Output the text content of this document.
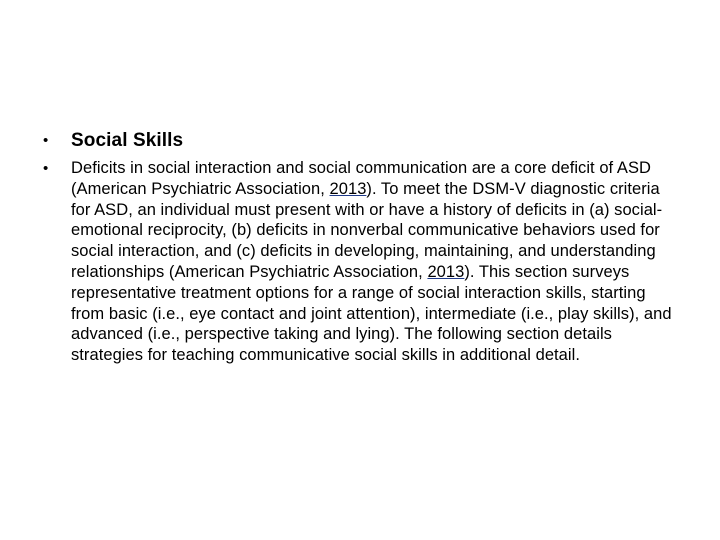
•	Social Skills
•	Deficits in social interaction and social communication are a core deficit of ASD (American Psychiatric Association, 2013). To meet the DSM-V diagnostic criteria for ASD, an individual must present with or have a history of deficits in (a) social-emotional reciprocity, (b) deficits in nonverbal communicative behaviors used for social interaction, and (c) deficits in developing, maintaining, and understanding relationships (American Psychiatric Association, 2013). This section surveys representative treatment options for a range of social interaction skills, starting from basic (i.e., eye contact and joint attention), intermediate (i.e., play skills), and advanced (i.e., perspective taking and lying). The following section details strategies for teaching communicative social skills in additional detail.
